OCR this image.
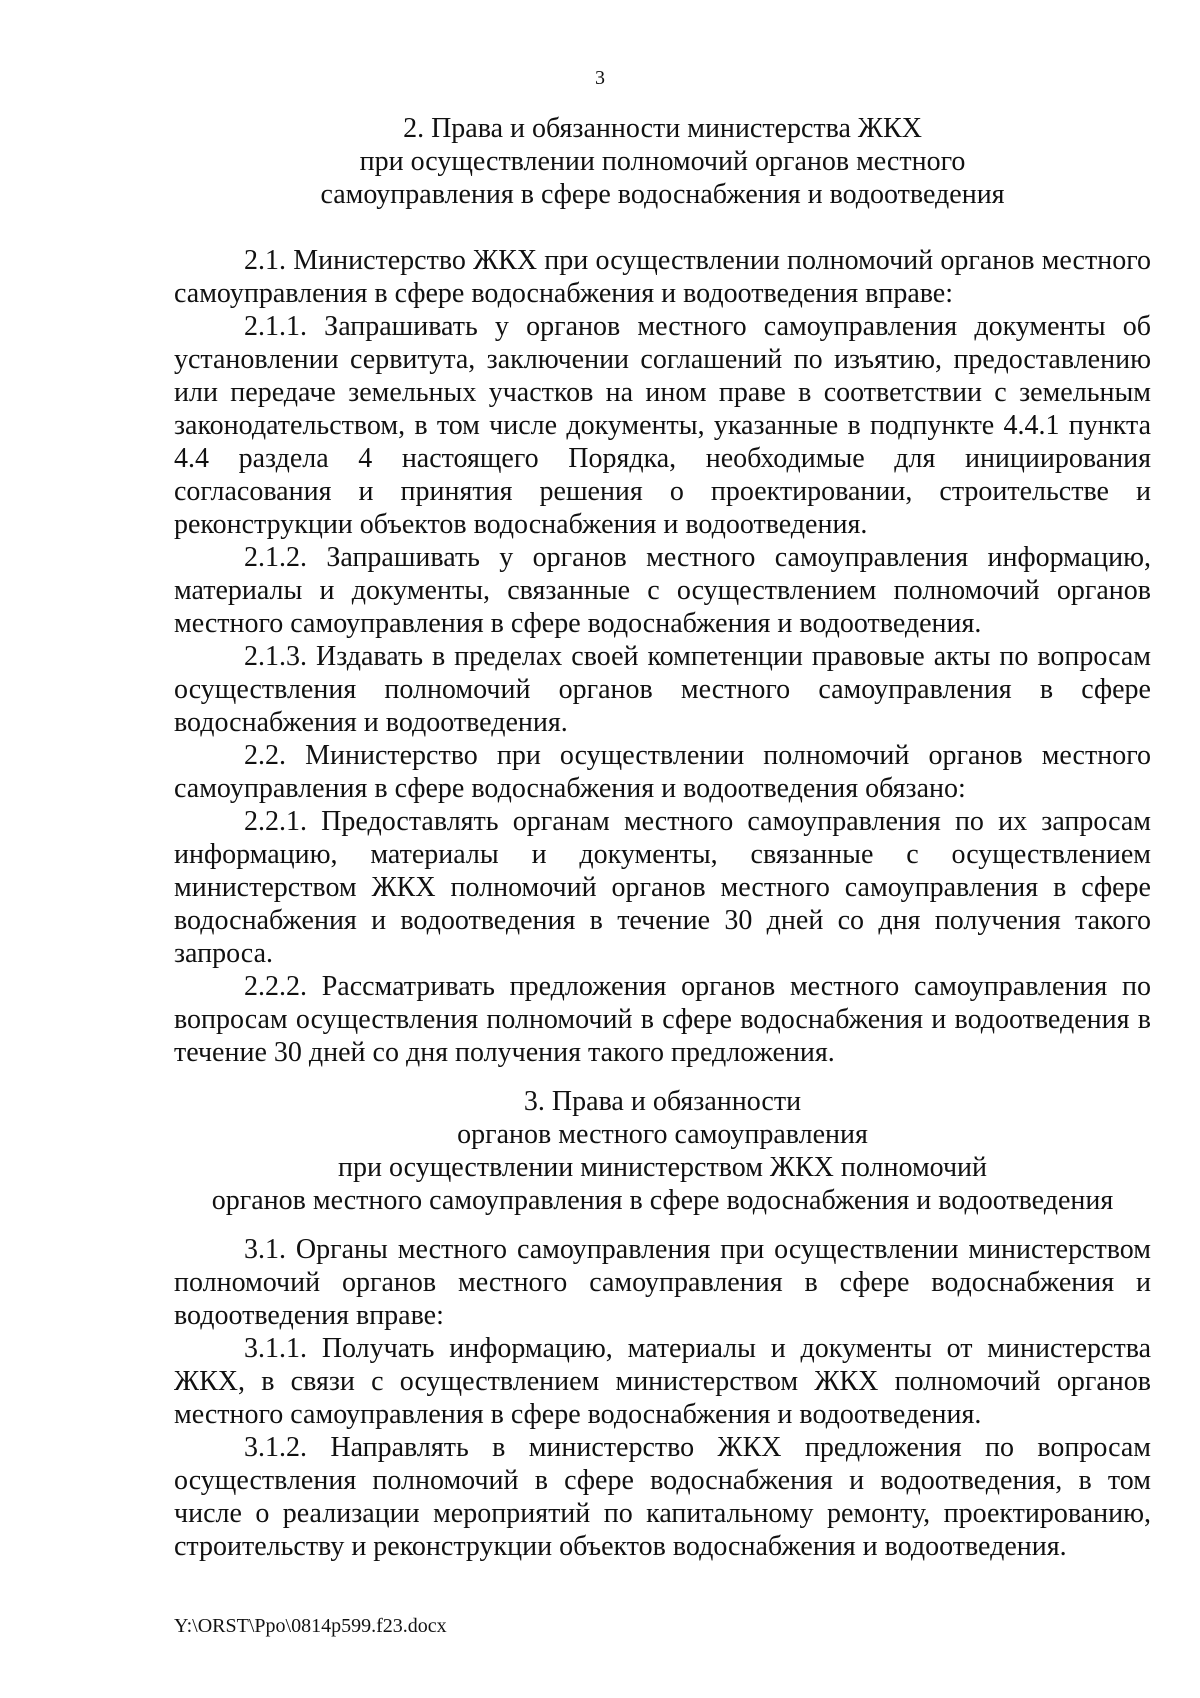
3
2. Права и обязанности министерства ЖКХ
при осуществлении полномочий органов местного
самоуправления в сфере водоснабжения и водоотведения

2.1. Министерство ЖКХ при осуществлении полномочий органов местного самоуправления в сфере водоснабжения и водоотведения вправе:

2.1.1. Запрашивать у органов местного самоуправления документы об установлении сервитута, заключении соглашений по изъятию, предоставлению или передаче земельных участков на ином праве в соответствии с земельным законодательством, в том числе документы, указанные в подпункте 4.4.1 пункта 4.4 раздела 4 настоящего Порядка, необходимые для инициирования согласования и принятия решения о проектировании, строительстве и реконструкции объектов водоснабжения и водоотведения.

2.1.2. Запрашивать у органов местного самоуправления информацию, материалы и документы, связанные с осуществлением полномочий органов местного самоуправления в сфере водоснабжения и водоотведения.

2.1.3. Издавать в пределах своей компетенции правовые акты по вопросам осуществления полномочий органов местного самоуправления в сфере водоснабжения и водоотведения.

2.2. Министерство при осуществлении полномочий органов местного самоуправления в сфере водоснабжения и водоотведения обязано:

2.2.1. Предоставлять органам местного самоуправления по их запросам информацию, материалы и документы, связанные с осуществлением министерством ЖКХ полномочий органов местного самоуправления в сфере водоснабжения и водоотведения в течение 30 дней со дня получения такого запроса.

2.2.2. Рассматривать предложения органов местного самоуправления по вопросам осуществления полномочий в сфере водоснабжения и водоотведения в течение 30 дней со дня получения такого предложения.

3. Права и обязанности
органов местного самоуправления
при осуществлении министерством ЖКХ полномочий
органов местного самоуправления в сфере водоснабжения и водоотведения

3.1. Органы местного самоуправления при осуществлении министерством полномочий органов местного самоуправления в сфере водоснабжения и водоотведения вправе:

3.1.1. Получать информацию, материалы и документы от министерства ЖКХ, в связи с осуществлением министерством ЖКХ полномочий органов местного самоуправления в сфере водоснабжения и водоотведения.

3.1.2. Направлять в министерство ЖКХ предложения по вопросам осуществления полномочий в сфере водоснабжения и водоотведения, в том числе о реализации мероприятий по капитальному ремонту, проектированию, строительству и реконструкции объектов водоснабжения и водоотведения.

Y:\ORST\Ppo\0814p599.f23.docx
